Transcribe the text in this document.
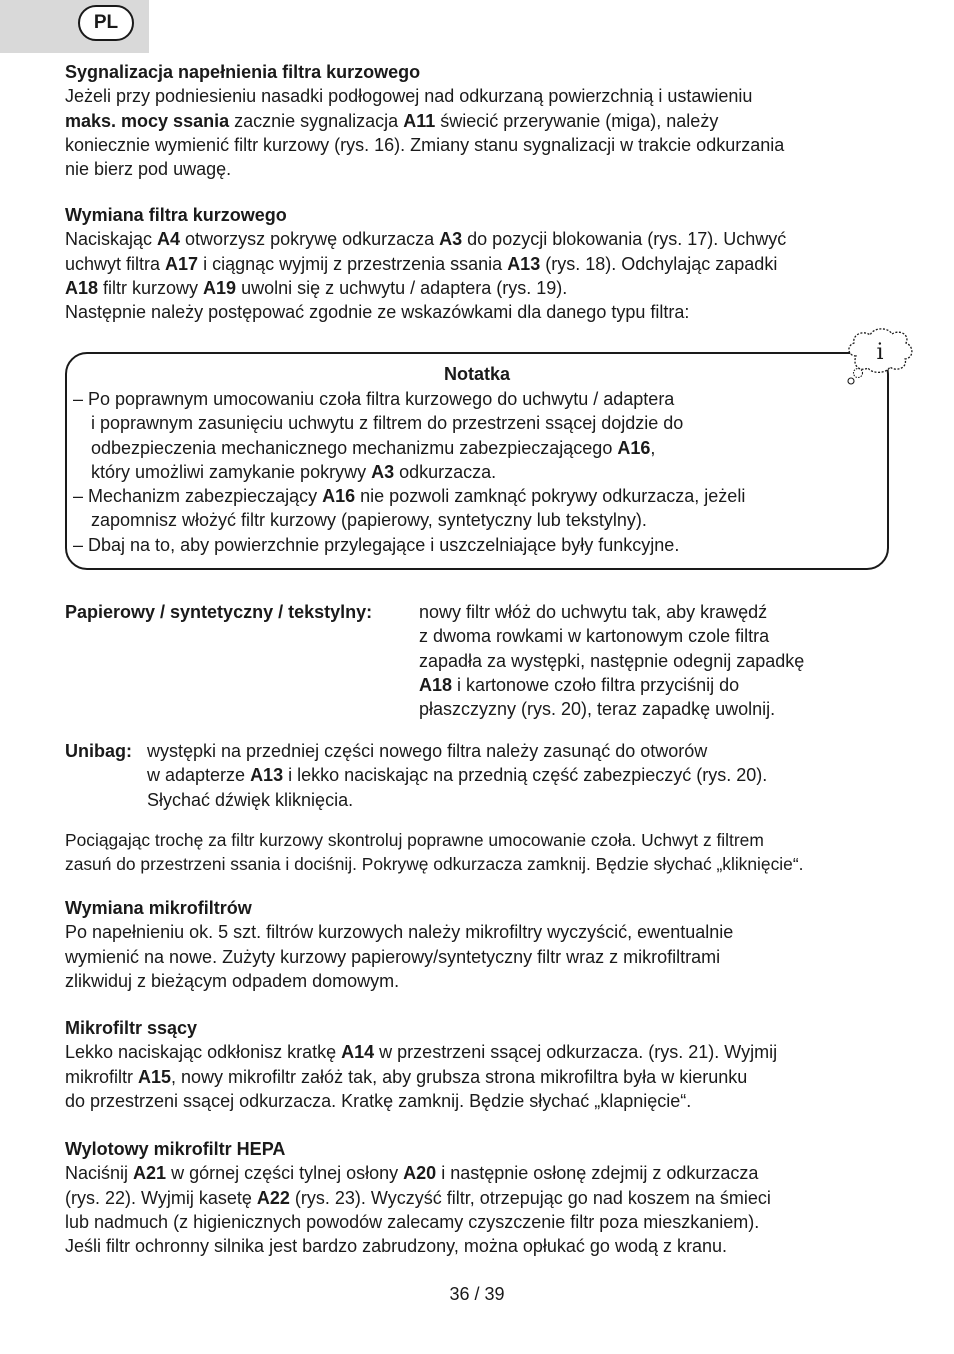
PL
Sygnalizacja napełnienia filtra kurzowego
Jeżeli przy podniesieniu nasadki podłogowej nad odkurzaną powierzchnią i ustawieniu
maks. mocy ssania zacznie sygnalizacja A11 świecić przerywanie (miga), należy
koniecznie wymienić filtr kurzowy (rys. 16). Zmiany stanu sygnalizacji w trakcie odkurzania
nie bierz pod uwagę.
Wymiana filtra kurzowego
Naciskając A4 otworzysz pokrywę odkurzacza A3 do pozycji blokowania (rys. 17). Uchwyć
uchwyt filtra A17 i ciągnąc wyjmij z przestrzenia ssania A13 (rys. 18). Odchylając zapadki
A18 filtr kurzowy A19 uwolni się z uchwytu / adaptera (rys. 19).
Następnie należy postępować zgodnie ze wskazówkami dla danego typu filtra:
Notatka
– Po poprawnym umocowaniu czoła filtra kurzowego do uchwytu / adaptera
i poprawnym zasunięciu uchwytu z filtrem do przestrzeni ssącej dojdzie do
odbezpieczenia mechanicznego mechanizmu zabezpieczającego A16,
który umożliwi zamykanie pokrywy A3 odkurzacza.
– Mechanizm zabezpieczający A16 nie pozwoli zamknąć pokrywy odkurzacza, jeżeli
zapomnisz włożyć filtr kurzowy (papierowy, syntetyczny lub tekstylny).
– Dbaj na to, aby powierzchnie przylegające i uszczelniające były funkcyjne.
i
Papierowy / syntetyczny / tekstylny:	nowy filtr włóż do uchwytu tak, aby krawędź
z dwoma rowkami w kartonowym czole filtra
zapadła za występki, następnie odegnij zapadkę
A18 i kartonowe czoło filtra przyciśnij do
płaszczyzny (rys. 20), teraz zapadkę uwolnij.
Unibag: występki na przedniej części nowego filtra należy zasunąć do otworów
w adapterze A13 i lekko naciskając na przednią część zabezpieczyć (rys. 20).
Słychać dźwięk kliknięcia.
Pociągając trochę za filtr kurzowy skontroluj poprawne umocowanie czoła. Uchwyt z filtrem
zasuń do przestrzeni ssania i dociśnij. Pokrywę odkurzacza zamknij. Będzie słychać „kliknięcie“.
Wymiana mikrofiltrów
Po napełnieniu ok. 5 szt. filtrów kurzowych należy mikrofiltry wyczyścić, ewentualnie
wymienić na nowe. Zużyty kurzowy papierowy/syntetyczny filtr wraz z mikrofiltrami
zlikwiduj z bieżącym odpadem domowym.
Mikrofiltr ssący
Lekko naciskając odkłonisz kratkę A14 w przestrzeni ssącej odkurzacza. (rys. 21). Wyjmij
mikrofiltr A15, nowy mikrofiltr załóż tak, aby grubsza strona mikrofiltra była w kierunku
do przestrzeni ssącej odkurzacza. Kratkę zamknij. Będzie słychać „klapnięcie“.
Wylotowy mikrofiltr HEPA
Naciśnij A21 w górnej części tylnej osłony A20 i następnie osłonę zdejmij z odkurzacza
(rys. 22). Wyjmij kasetę A22 (rys. 23). Wyczyść filtr, otrzepując go nad koszem na śmieci
lub nadmuch (z higienicznych powodów zalecamy czyszczenie filtr poza mieszkaniem).
Jeśli filtr ochronny silnika jest bardzo zabrudzony, można opłukać go wodą z kranu.
36 / 39
